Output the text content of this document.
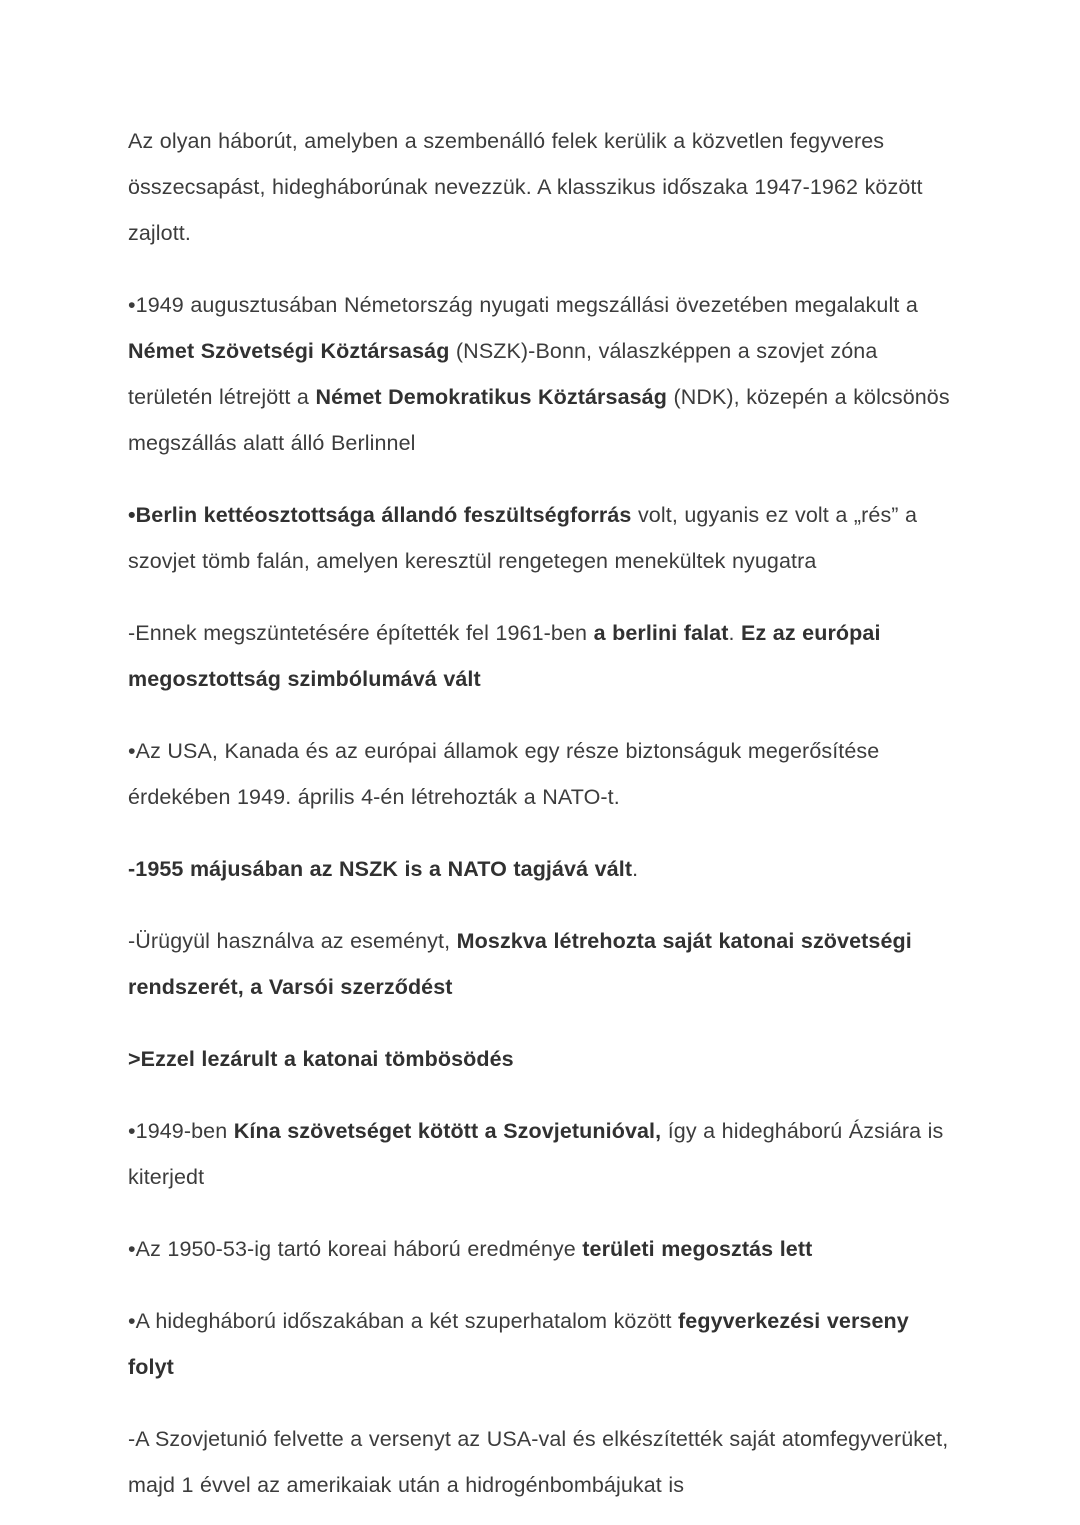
Az olyan háborút, amelyben a szembenálló felek kerülik a közvetlen fegyveres összecsapást, hidegháborúnak nevezzük. A klasszikus időszaka 1947-1962 között zajlott.

•1949 augusztusában Németország nyugati megszállási övezetében megalakult a Német Szövetségi Köztársaság (NSZK)-Bonn, válaszképpen a szovjet zóna területén létrejött a Német Demokratikus Köztársaság (NDK), közepén a kölcsönös megszállás alatt álló Berlinnel

•Berlin kettéosztottsága állandó feszültségforrás volt, ugyanis ez volt a „rés” a szovjet tömb falán, amelyen keresztül rengetegen menekültek nyugatra

-Ennek megszüntetésére építették fel 1961-ben a berlini falat. Ez az európai megosztottság szimbólumává vált

•Az USA, Kanada és az európai államok egy része biztonságuk megerősítése érdekében 1949. április 4-én létrehozták a NATO-t.

-1955 májusában az NSZK is a NATO tagjává vált.

-Ürügyül használva az eseményt, Moszkva létrehozta saját katonai szövetségi rendszerét, a Varsói szerződést

>Ezzel lezárult a katonai tömbösödés

•1949-ben Kína szövetséget kötött a Szovjetunióval, így a hidegháború Ázsiára is kiterjedt

•Az 1950-53-ig tartó koreai háború eredménye területi megosztás lett

•A hidegháború időszakában a két szuperhatalom között fegyverkezési verseny folyt

-A Szovjetunió felvette a versenyt az USA-val és elkészítették saját atomfegyverüket, majd 1 évvel az amerikaiak után a hidrogénbombájukat is
